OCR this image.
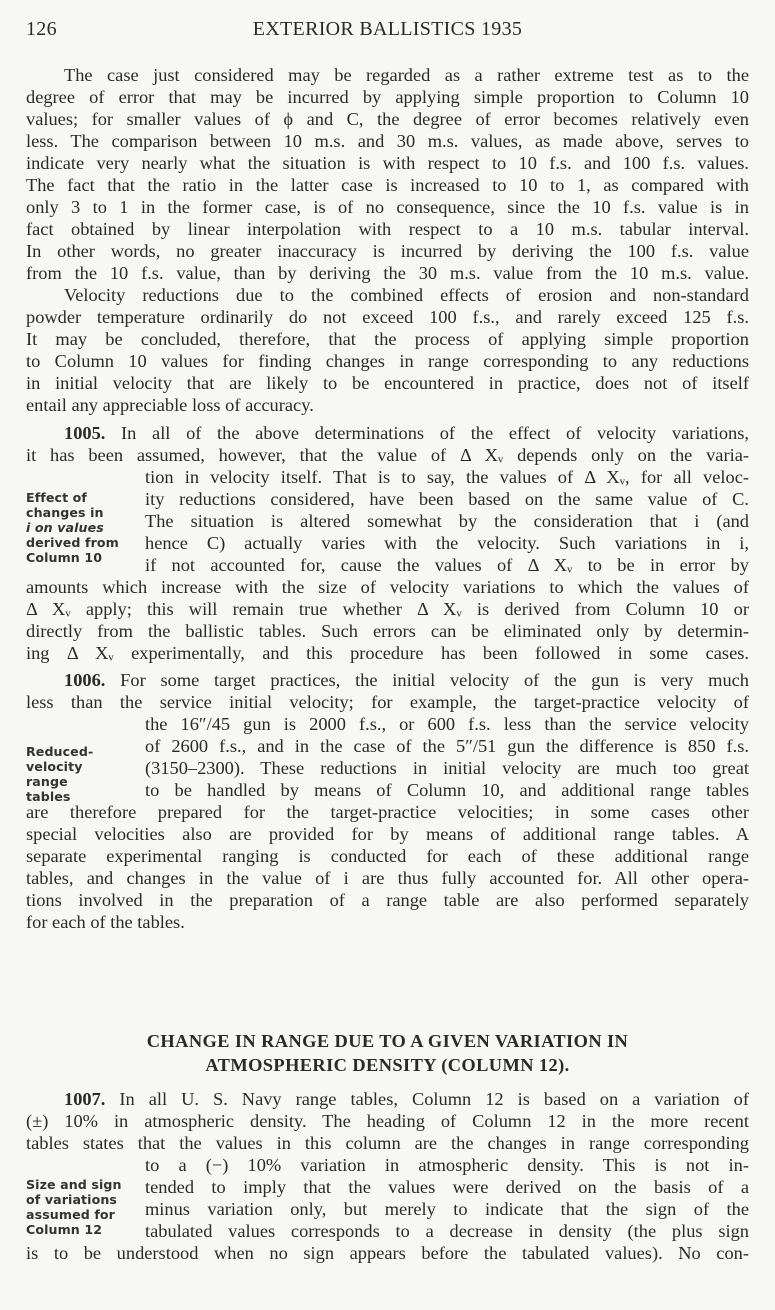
126	EXTERIOR BALLISTICS 1935
The case just considered may be regarded as a rather extreme test as to the
degree of error that may be incurred by applying simple proportion to Column 10
values; for smaller values of ϕ and C, the degree of error becomes relatively even
less. The comparison between 10 m.s. and 30 m.s. values, as made above, serves to
indicate very nearly what the situation is with respect to 10 f.s. and 100 f.s. values.
The fact that the ratio in the latter case is increased to 10 to 1, as compared with
only 3 to 1 in the former case, is of no consequence, since the 10 f.s. value is in
fact obtained by linear interpolation with respect to a 10 m.s. tabular interval.
In other words, no greater inaccuracy is incurred by deriving the 100 f.s. value
from the 10 f.s. value, than by deriving the 30 m.s. value from the 10 m.s. value.
Velocity reductions due to the combined effects of erosion and non-standard
powder temperature ordinarily do not exceed 100 f.s., and rarely exceed 125 f.s.
It may be concluded, therefore, that the process of applying simple proportion
to Column 10 values for finding changes in range corresponding to any reductions
in initial velocity that are likely to be encountered in practice, does not of itself
entail any appreciable loss of accuracy.
1005. In all of the above determinations of the effect of velocity variations,
it has been assumed, however, that the value of Δ Xᵥ depends only on the varia-
tion in velocity itself. That is to say, the values of Δ Xᵥ, for all veloc-
ity reductions considered, have been based on the same value of C.
The situation is altered somewhat by the consideration that i (and
hence C) actually varies with the velocity. Such variations in i,
if not accounted for, cause the values of Δ Xᵥ to be in error by
amounts which increase with the size of velocity variations to which the values of
Δ Xᵥ apply; this will remain true whether Δ Xᵥ is derived from Column 10 or
directly from the ballistic tables. Such errors can be eliminated only by determin-
ing Δ Xᵥ experimentally, and this procedure has been followed in some cases.
Effect of
changes in
i on values
derived from
Column 10
1006. For some target practices, the initial velocity of the gun is very much
less than the service initial velocity; for example, the target-practice velocity of
the 16″/45 gun is 2000 f.s., or 600 f.s. less than the service velocity
of 2600 f.s., and in the case of the 5″/51 gun the difference is 850 f.s.
(3150–2300). These reductions in initial velocity are much too great
to be handled by means of Column 10, and additional range tables
are therefore prepared for the target-practice velocities; in some cases other
special velocities also are provided for by means of additional range tables. A
separate experimental ranging is conducted for each of these additional range
tables, and changes in the value of i are thus fully accounted for. All other opera-
tions involved in the preparation of a range table are also performed separately
for each of the tables.
Reduced-
velocity
range
tables
CHANGE IN RANGE DUE TO A GIVEN VARIATION IN
ATMOSPHERIC DENSITY (COLUMN 12).
1007. In all U. S. Navy range tables, Column 12 is based on a variation of
(±) 10% in atmospheric density. The heading of Column 12 in the more recent
tables states that the values in this column are the changes in range corresponding
to a (−) 10% variation in atmospheric density. This is not in-
tended to imply that the values were derived on the basis of a
minus variation only, but merely to indicate that the sign of the
tabulated values corresponds to a decrease in density (the plus sign
is to be understood when no sign appears before the tabulated values). No con-
Size and sign
of variations
assumed for
Column 12
